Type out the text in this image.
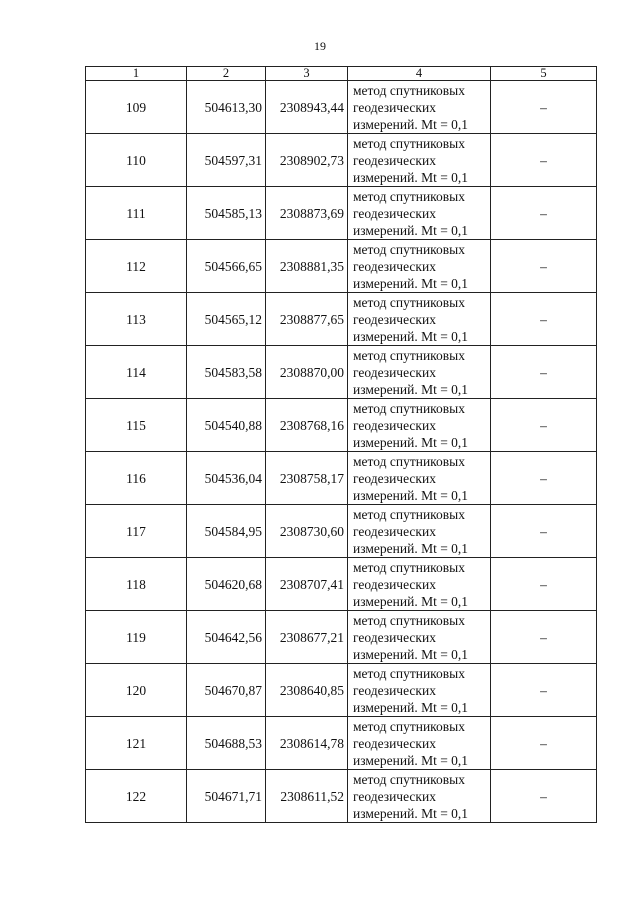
19
1	2	3	4	5
109	504613,30	2308943,44	метод спутниковых
геодезических
измерений. Mt = 0,1	–
110	504597,31	2308902,73	метод спутниковых
геодезических
измерений. Mt = 0,1	–
111	504585,13	2308873,69	метод спутниковых
геодезических
измерений. Mt = 0,1	–
112	504566,65	2308881,35	метод спутниковых
геодезических
измерений. Mt = 0,1	–
113	504565,12	2308877,65	метод спутниковых
геодезических
измерений. Mt = 0,1	–
114	504583,58	2308870,00	метод спутниковых
геодезических
измерений. Mt = 0,1	–
115	504540,88	2308768,16	метод спутниковых
геодезических
измерений. Mt = 0,1	–
116	504536,04	2308758,17	метод спутниковых
геодезических
измерений. Mt = 0,1	–
117	504584,95	2308730,60	метод спутниковых
геодезических
измерений. Mt = 0,1	–
118	504620,68	2308707,41	метод спутниковых
геодезических
измерений. Mt = 0,1	–
119	504642,56	2308677,21	метод спутниковых
геодезических
измерений. Mt = 0,1	–
120	504670,87	2308640,85	метод спутниковых
геодезических
измерений. Mt = 0,1	–
121	504688,53	2308614,78	метод спутниковых
геодезических
измерений. Mt = 0,1	–
122	504671,71	2308611,52	метод спутниковых
геодезических
измерений. Mt = 0,1	–
